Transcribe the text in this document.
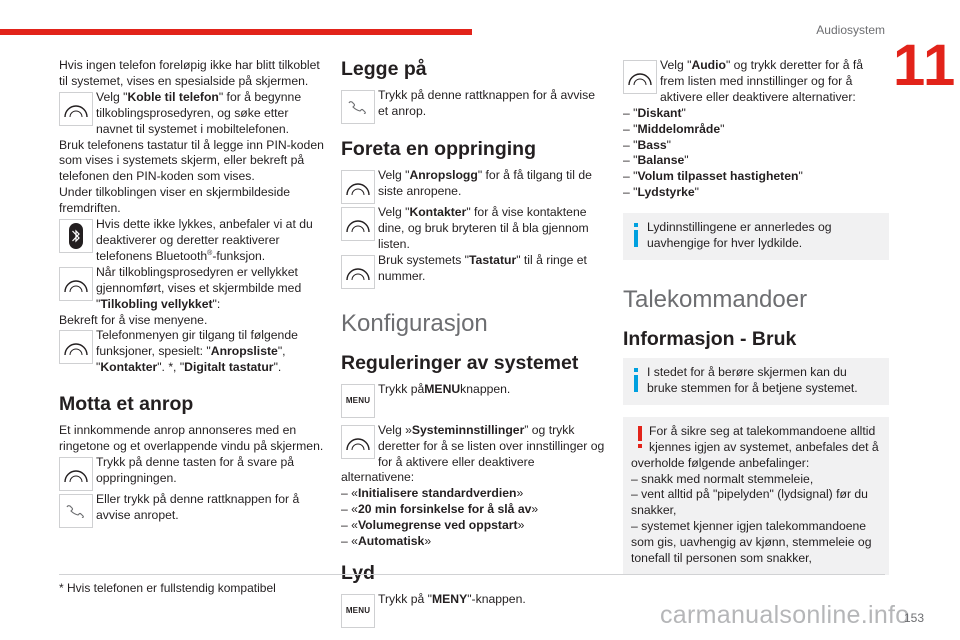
Audiosystem
11

Hvis ingen telefon foreløpig ikke har blitt tilkoblet til systemet, vises en spesialside på skjermen.

Velg "Koble til telefon" for å begynne tilkoblingsprosedyren, og søke etter navnet til systemet i mobiltelefonen.

Bruk telefonens tastatur til å legge inn PIN-koden som vises i systemets skjerm, eller bekreft på telefonen den PIN-koden som vises.

Under tilkoblingen viser en skjermbildeside fremdriften.

Hvis dette ikke lykkes, anbefaler vi at du deaktiverer og deretter reaktiverer telefonens Bluetooth®-funksjon.
Når tilkoblingsprosedyren er vellykket gjennomført, vises et skjermbilde med "Tilkobling vellykket":

Bekreft for å vise menyene.

Telefonmenyen gir tilgang til følgende funksjoner, spesielt: "Anropsliste", "Kontakter". *, "Digitalt tastatur".
Motta et anrop

Et innkommende anrop annonseres med en ringetone og et overlappende vindu på skjermen.

Trykk på denne tasten for å svare på oppringningen.
Eller trykk på denne rattknappen for å avvise anropet.
Legge på
Trykk på denne rattknappen for å avvise et anrop.
Foreta en oppringing
Velg "Anropslogg" for å få tilgang til de siste anropene.
Velg "Kontakter" for å vise kontaktene dine, og bruk bryteren til å bla gjennom listen.
Bruk systemets "Tastatur" til å ringe et nummer.
Konfigurasjon
Reguleringer av systemet
MENU
Trykk påMENUknappen.
Velg »Systeminnstillinger” og trykk deretter for å se listen over innstillinger og for å aktivere eller deaktivere alternativene:

– «Initialisere standardverdien»

– «20 min forsinkelse for å slå av»

– «Volumegrense ved oppstart»

– «Automatisk»

Lyd
MENU
Trykk på "MENY"-knappen.
Velg "Audio" og trykk deretter for å få frem listen med innstillinger og for å aktivere eller deaktivere alternativer:

– "Diskant"

– "Middelområde"

– "Bass"

– "Balanse"

– "Volum tilpasset hastigheten"

– "Lydstyrke"

Lydinnstillingene er annerledes og uavhengige for hver lydkilde.
Talekommandoer
Informasjon - Bruk
I stedet for å berøre skjermen kan du bruke stemmen for å betjene systemet.

For å sikre seg at talekommandoene alltid kjennes igjen av systemet, anbefales det å overholde følgende anbefalinger:

– snakk med normalt stemmeleie,

– vent alltid på "pipelyden" (lydsignal) før du snakker,

– systemet kjenner igjen talekommandoene som gis, uavhengig av kjønn, stemmeleie og tonefall til personen som snakker,

* Hvis telefonen er fullstendig kompatibel
carmanualsonline.info
153
